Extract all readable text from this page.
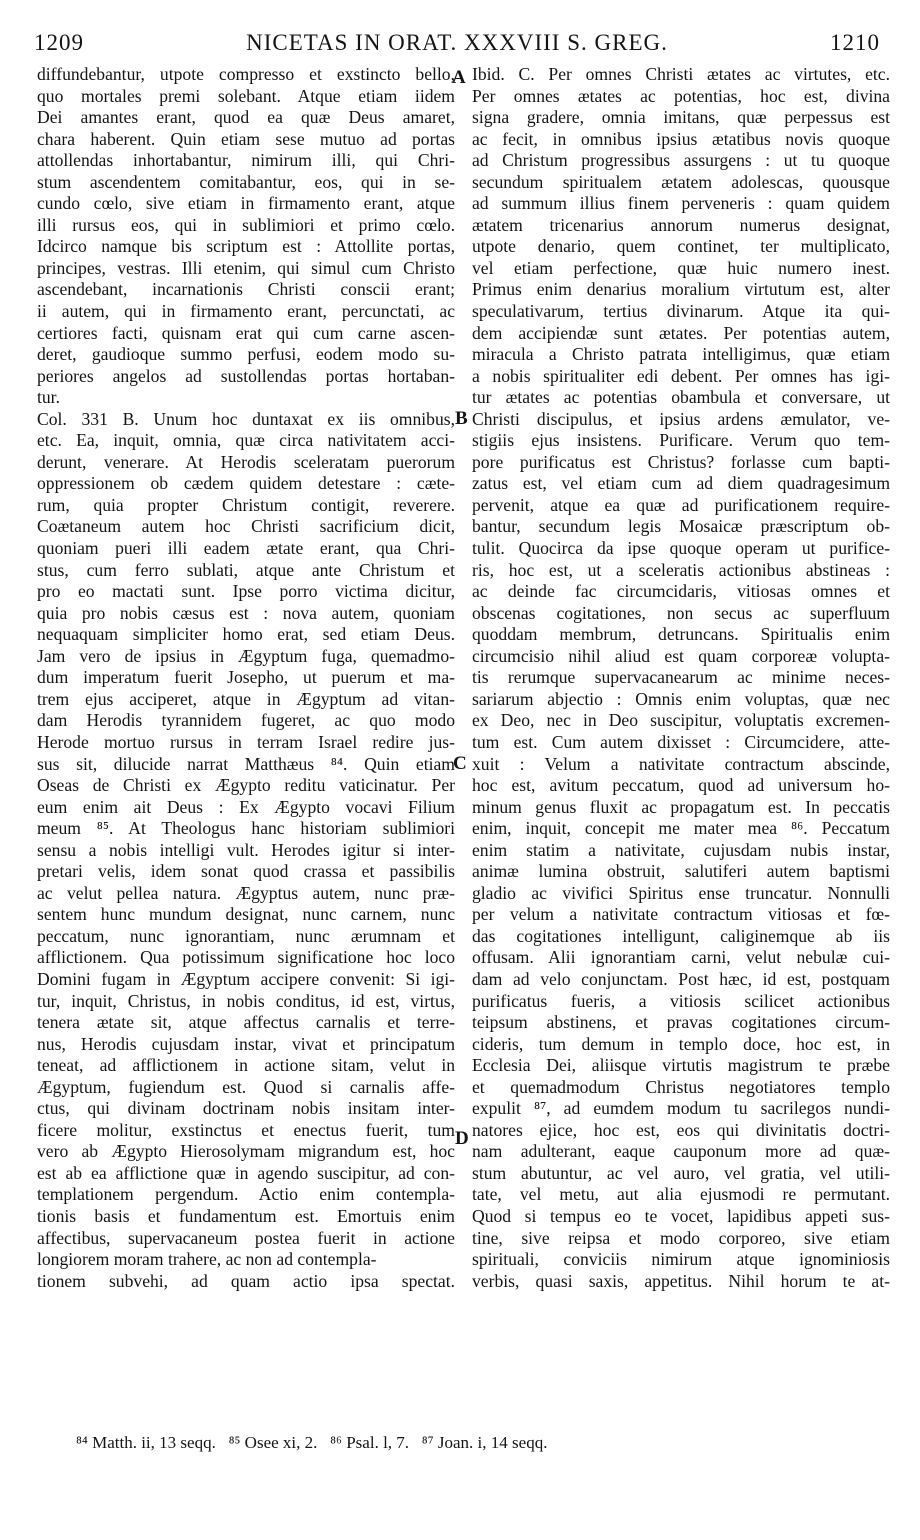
1209	NICETAS IN ORAT. XXXVIII S. GREG.	1210
diffundebantur, utpote compresso et exstincto bello,
quo mortales premi solebant. Atque etiam iidem
Dei amantes erant, quod ea quæ Deus amaret,
chara haberent. Quin etiam sese mutuo ad portas
attollendas inhortabantur, nimirum illi, qui Chri-
stum ascendentem comitabantur, eos, qui in se-
cundo cœlo, sive etiam in firmamento erant, atque
illi rursus eos, qui in sublimiori et primo cœlo.
Idcirco namque bis scriptum est : Attollite portas,
principes, vestras. Illi etenim, qui simul cum Christo
ascendebant, incarnationis Christi conscii erant;
ii autem, qui in firmamento erant, percunctati, ac
certiores facti, quisnam erat qui cum carne ascen-
deret, gaudioque summo perfusi, eodem modo su-
periores angelos ad sustollendas portas hortaban-
tur.
Col. 331 B. Unum hoc duntaxat ex iis omnibus,
etc. Ea, inquit, omnia, quæ circa nativitatem acci-
derunt, venerare. At Herodis sceleratam puerorum
oppressionem ob cædem quidem detestare : cæte-
rum, quia propter Christum contigit, reverere.
Coætaneum autem hoc Christi sacrificium dicit,
quoniam pueri illi eadem ætate erant, qua Chri-
stus, cum ferro sublati, atque ante Christum et
pro eo mactati sunt. Ipse porro victima dicitur,
quia pro nobis cæsus est : nova autem, quoniam
nequaquam simpliciter homo erat, sed etiam Deus.
Jam vero de ipsius in Ægyptum fuga, quemadmo-
dum imperatum fuerit Josepho, ut puerum et ma-
trem ejus acciperet, atque in Ægyptum ad vitan-
dam Herodis tyrannidem fugeret, ac quo modo
Herode mortuo rursus in terram Israel redire jus-
sus sit, dilucide narrat Matthæus ⁸⁴. Quin etiam
Oseas de Christi ex Ægypto reditu vaticinatur. Per
eum enim ait Deus : Ex Ægypto vocavi Filium
meum ⁸⁵. At Theologus hanc historiam sublimiori
sensu a nobis intelligi vult. Herodes igitur si inter-
pretari velis, idem sonat quod crassa et passibilis
ac velut pellea natura. Ægyptus autem, nunc præ-
sentem hunc mundum designat, nunc carnem, nunc
peccatum, nunc ignorantiam, nunc ærumnam et
afflictionem. Qua potissimum significatione hoc loco
Domini fugam in Ægyptum accipere convenit: Si igi-
tur, inquit, Christus, in nobis conditus, id est, virtus,
tenera ætate sit, atque affectus carnalis et terre-
nus, Herodis cujusdam instar, vivat et principatum
teneat, ad afflictionem in actione sitam, velut in
Ægyptum, fugiendum est. Quod si carnalis affe-
ctus, qui divinam doctrinam nobis insitam inter-
ficere molitur, exstinctus et enectus fuerit, tum
vero ab Ægypto Hierosolymam migrandum est, hoc
est ab ea afflictione quæ in agendo suscipitur, ad con-
templationem pergendum. Actio enim contempla-
tionis basis et fundamentum est. Emortuis enim
affectibus, supervacaneum postea fuerit in actione
longiorem moram trahere, ac non ad contempla-
tionem subvehi, ad quam actio ipsa spectat.
Ibid. C. Per omnes Christi ætates ac virtutes, etc.
Per omnes ætates ac potentias, hoc est, divina
signa gradere, omnia imitans, quæ perpessus est
ac fecit, in omnibus ipsius ætatibus novis quoque
ad Christum progressibus assurgens : ut tu quoque
secundum spiritualem ætatem adolescas, quousque
ad summum illius finem perveneris : quam quidem
ætatem tricenarius annorum numerus designat,
utpote denario, quem continet, ter multiplicato,
vel etiam perfectione, quæ huic numero inest.
Primus enim denarius moralium virtutum est, alter
speculativarum, tertius divinarum. Atque ita qui-
dem accipiendæ sunt ætates. Per potentias autem,
miracula a Christo patrata intelligimus, quæ etiam
a nobis spiritualiter edi debent. Per omnes has igi-
tur ætates ac potentias obambula et conversare, ut
Christi discipulus, et ipsius ardens æmulator, ve-
stigiis ejus insistens. Purificare. Verum quo tem-
pore purificatus est Christus? forlasse cum bapti-
zatus est, vel etiam cum ad diem quadragesimum
pervenit, atque ea quæ ad purificationem require-
bantur, secundum legis Mosaicæ præscriptum ob-
tulit. Quocirca da ipse quoque operam ut purifice-
ris, hoc est, ut a sceleratis actionibus abstineas :
ac deinde fac circumcidaris, vitiosas omnes et
obscenas cogitationes, non secus ac superfluum
quoddam membrum, detruncans. Spiritualis enim
circumcisio nihil aliud est quam corporeæ volupta-
tis rerumque supervacanearum ac minime neces-
sariarum abjectio : Omnis enim voluptas, quæ nec
ex Deo, nec in Deo suscipitur, voluptatis excremen-
tum est. Cum autem dixisset : Circumcidere, atte-
xuit : Velum a nativitate contractum abscinde,
hoc est, avitum peccatum, quod ad universum ho-
minum genus fluxit ac propagatum est. In peccatis
enim, inquit, concepit me mater mea ⁸⁶. Peccatum
enim statim a nativitate, cujusdam nubis instar,
animæ lumina obstruit, salutiferi autem baptismi
gladio ac vivifici Spiritus ense truncatur. Nonnulli
per velum a nativitate contractum vitiosas et fœ-
das cogitationes intelligunt, caliginemque ab iis
offusam. Alii ignorantiam carni, velut nebulæ cui-
dam ad velo conjunctam. Post hæc, id est, postquam
purificatus fueris, a vitiosis scilicet actionibus
teipsum abstinens, et pravas cogitationes circum-
cideris, tum demum in templo doce, hoc est, in
Ecclesia Dei, aliisque virtutis magistrum te præbe
et quemadmodum Christus negotiatores templo
expulit ⁸⁷, ad eumdem modum tu sacrilegos nundi-
natores ejice, hoc est, eos qui divinitatis doctri-
nam adulterant, eaque cauponum more ad quæ-
stum abutuntur, ac vel auro, vel gratia, vel utili-
tate, vel metu, aut alia ejusmodi re permutant.
Quod si tempus eo te vocet, lapidibus appeti sus-
tine, sive reipsa et modo corporeo, sive etiam
spirituali, conviciis nimirum atque ignominiosis
verbis, quasi saxis, appetitus. Nihil horum te at-
A
B
C
D
⁸⁴ Matth. ii, 13 seqq.   ⁸⁵ Osee xi, 2.   ⁸⁶ Psal. l, 7.   ⁸⁷ Joan. i, 14 seqq.
